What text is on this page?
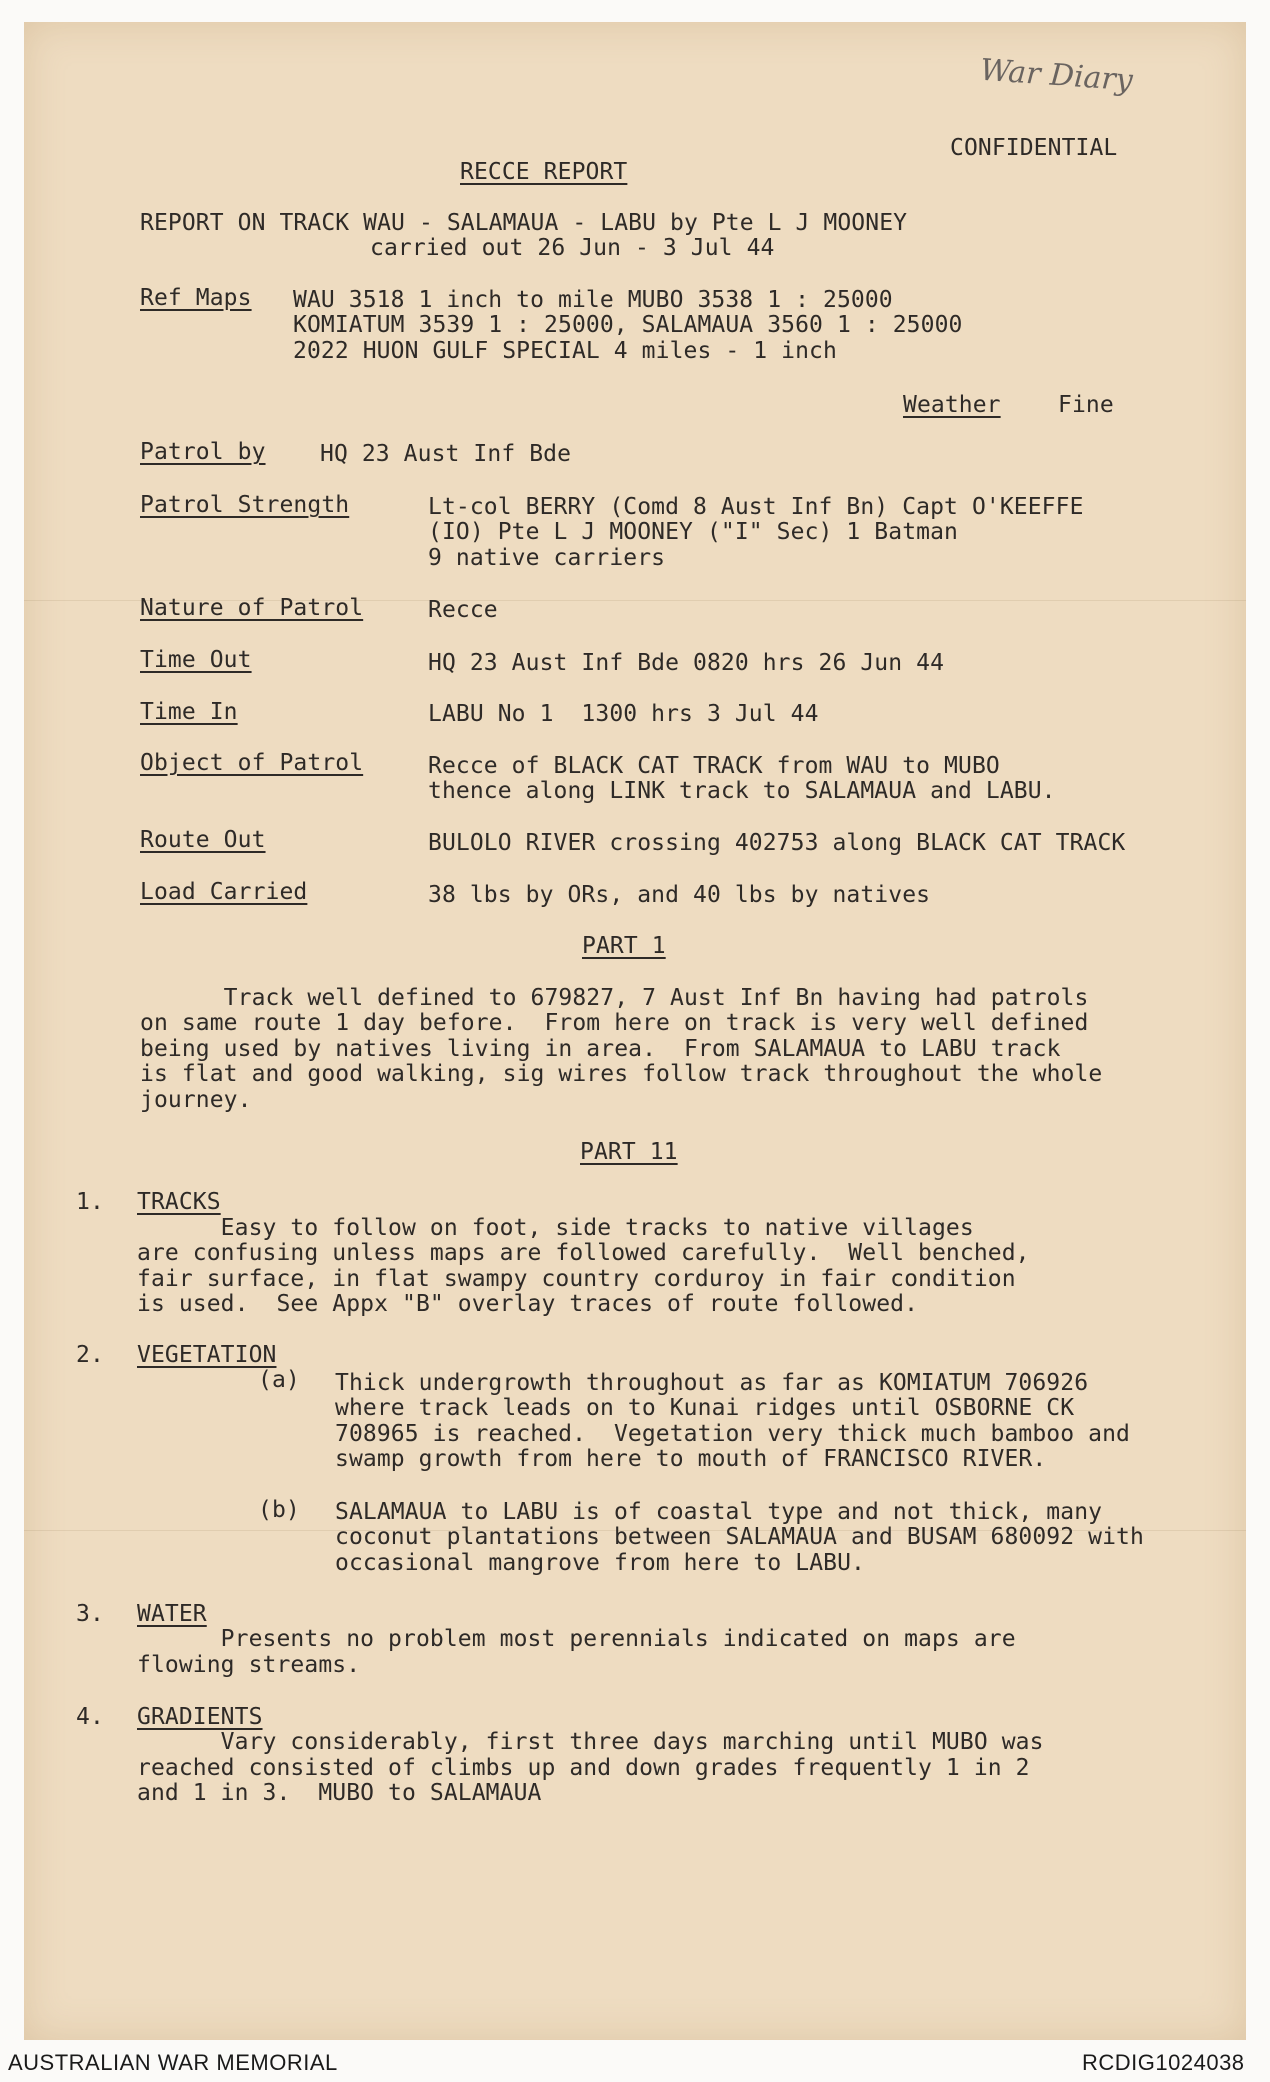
War Diary
CONFIDENTIAL
RECCE REPORT
REPORT ON TRACK WAU - SALAMAUA - LABU by Pte L J MOONEY
carried out 26 Jun - 3 Jul 44
Ref Maps WAU 3518 1 inch to mile MUBO 3538 1 : 25000
KOMIATUM 3539 1 : 25000, SALAMAUA 3560 1 : 25000
2022 HUON GULF SPECIAL 4 miles - 1 inch
Weather Fine
Patrol by HQ 23 Aust Inf Bde
Patrol Strength	Lt-col BERRY (Comd 8 Aust Inf Bn) Capt O'KEEFFE
(IO) Pte L J MOONEY ("I" Sec) 1 Batman
9 native carriers
Nature of Patrol	Recce
Time Out	HQ 23 Aust Inf Bde 0820 hrs 26 Jun 44
Time In	LABU No 1  1300 hrs 3 Jul 44
Object of Patrol	Recce of BLACK CAT TRACK from WAU to MUBO
thence along LINK track to SALAMAUA and LABU.
Route Out	BULOLO RIVER crossing 402753 along BLACK CAT TRACK
Load Carried	38 lbs by ORs, and 40 lbs by natives
PART 1
Track well defined to 679827, 7 Aust Inf Bn having had patrols
on same route 1 day before.  From here on track is very well defined
being used by natives living in area.  From SALAMAUA to LABU track
is flat and good walking, sig wires follow track throughout the whole
journey.
PART 11
1. TRACKS
Easy to follow on foot, side tracks to native villages
are confusing unless maps are followed carefully.  Well benched,
fair surface, in flat swampy country corduroy in fair condition
is used.  See Appx "B" overlay traces of route followed.
2. VEGETATION
(a) Thick undergrowth throughout as far as KOMIATUM 706926
where track leads on to Kunai ridges until OSBORNE CK
708965 is reached.  Vegetation very thick much bamboo and
swamp growth from here to mouth of FRANCISCO RIVER.
(b) SALAMAUA to LABU is of coastal type and not thick, many
coconut plantations between SALAMAUA and BUSAM 680092 with
occasional mangrove from here to LABU.
3. WATER
Presents no problem most perennials indicated on maps are
flowing streams.
4. GRADIENTS
Vary considerably, first three days marching until MUBO was
reached consisted of climbs up and down grades frequently 1 in 2
and 1 in 3.  MUBO to SALAMAUA
AUSTRALIAN WAR MEMORIAL	RCDIG1024038
